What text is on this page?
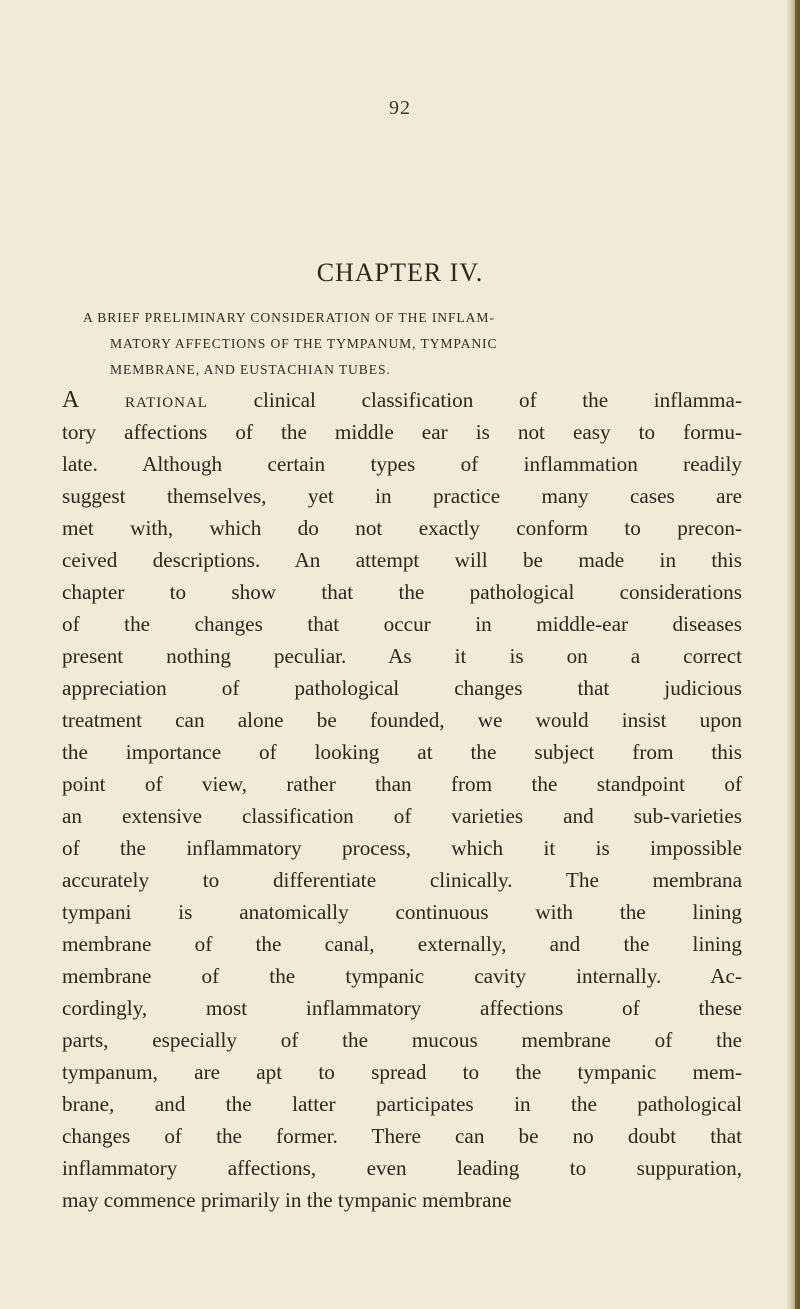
92
CHAPTER IV.
A BRIEF PRELIMINARY CONSIDERATION OF THE INFLAM-
MATORY AFFECTIONS OF THE TYMPANUM, TYMPANIC
MEMBRANE, AND EUSTACHIAN TUBES.
A rational clinical classification of the inflamma-
tory affections of the middle ear is not easy to formu-
late. Although certain types of inflammation readily
suggest themselves, yet in practice many cases are
met with, which do not exactly conform to precon-
ceived descriptions. An attempt will be made in this
chapter to show that the pathological considerations
of the changes that occur in middle-ear diseases
present nothing peculiar. As it is on a correct
appreciation of pathological changes that judicious
treatment can alone be founded, we would insist upon
the importance of looking at the subject from this
point of view, rather than from the standpoint of
an extensive classification of varieties and sub-varieties
of the inflammatory process, which it is impossible
accurately to differentiate clinically. The membrana
tympani is anatomically continuous with the lining
membrane of the canal, externally, and the lining
membrane of the tympanic cavity internally. Ac-
cordingly, most inflammatory affections of these
parts, especially of the mucous membrane of the
tympanum, are apt to spread to the tympanic mem-
brane, and the latter participates in the pathological
changes of the former. There can be no doubt that
inflammatory affections, even leading to suppuration,
may commence primarily in the tympanic membrane
